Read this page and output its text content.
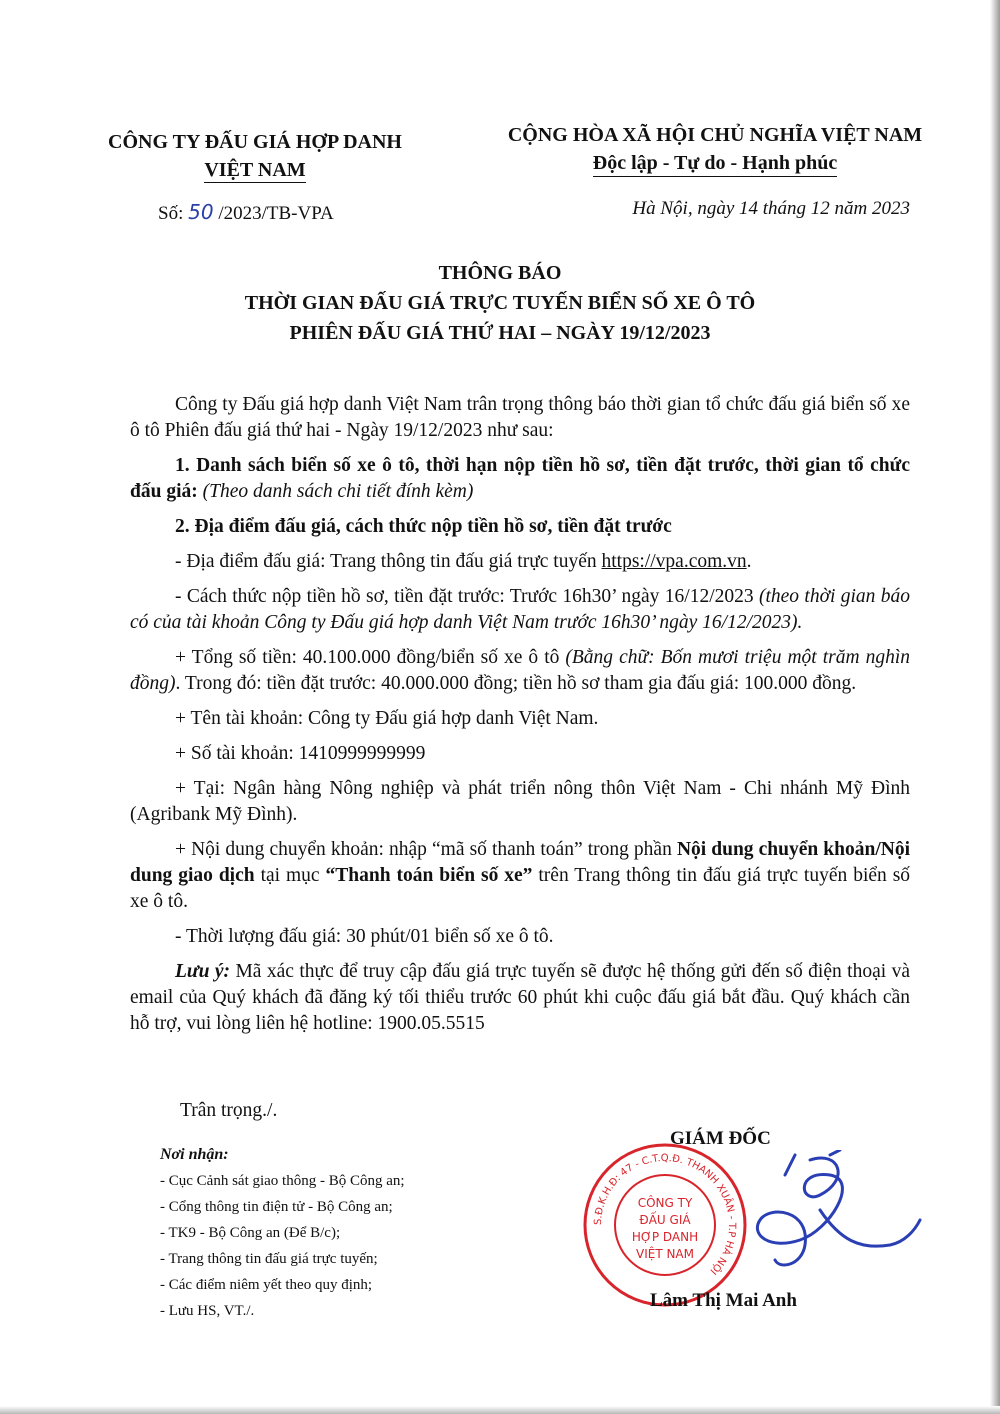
CÔNG TY ĐẤU GIÁ HỢP DANH
VIỆT NAM
CỘNG HÒA XÃ HỘI CHỦ NGHĨA VIỆT NAM
Độc lập - Tự do - Hạnh phúc
Số: 50 /2023/TB-VPA	Hà Nội, ngày 14 tháng 12 năm 2023
THÔNG BÁO
THỜI GIAN ĐẤU GIÁ TRỰC TUYẾN BIỂN SỐ XE Ô TÔ
PHIÊN ĐẤU GIÁ THỨ HAI – NGÀY 19/12/2023

Công ty Đấu giá hợp danh Việt Nam trân trọng thông báo thời gian tổ chức đấu giá biển số xe ô tô Phiên đấu giá thứ hai - Ngày 19/12/2023 như sau:

1. Danh sách biển số xe ô tô, thời hạn nộp tiền hồ sơ, tiền đặt trước, thời gian tổ chức đấu giá: (Theo danh sách chi tiết đính kèm)

2. Địa điểm đấu giá, cách thức nộp tiền hồ sơ, tiền đặt trước

- Địa điểm đấu giá: Trang thông tin đấu giá trực tuyến https://vpa.com.vn.

- Cách thức nộp tiền hồ sơ, tiền đặt trước: Trước 16h30’ ngày 16/12/2023 (theo thời gian báo có của tài khoản Công ty Đấu giá hợp danh Việt Nam trước 16h30’ ngày 16/12/2023).

+ Tổng số tiền: 40.100.000 đồng/biển số xe ô tô (Bằng chữ: Bốn mươi triệu một trăm nghìn đồng). Trong đó: tiền đặt trước: 40.000.000 đồng; tiền hồ sơ tham gia đấu giá: 100.000 đồng.

+ Tên tài khoản: Công ty Đấu giá hợp danh Việt Nam.

+ Số tài khoản: 1410999999999

+ Tại: Ngân hàng Nông nghiệp và phát triển nông thôn Việt Nam - Chi nhánh Mỹ Đình (Agribank Mỹ Đình).

+ Nội dung chuyển khoản: nhập “mã số thanh toán” trong phần Nội dung chuyển khoản/Nội dung giao dịch tại mục “Thanh toán biển số xe” trên Trang thông tin đấu giá trực tuyến biển số xe ô tô.

- Thời lượng đấu giá: 30 phút/01 biển số xe ô tô.

Lưu ý: Mã xác thực để truy cập đấu giá trực tuyến sẽ được hệ thống gửi đến số điện thoại và email của Quý khách đã đăng ký tối thiểu trước 60 phút khi cuộc đấu giá bắt đầu. Quý khách cần hỗ trợ, vui lòng liên hệ hotline: 1900.05.5515

Trân trọng./.
Nơi nhận:
- Cục Cảnh sát giao thông - Bộ Công an;
- Cổng thông tin điện tử - Bộ Công an;
- TK9 - Bộ Công an (Để B/c);
- Trang thông tin đấu giá trực tuyến;
- Các điểm niêm yết theo quy định;
- Lưu HS, VT./.
GIÁM ĐỐC
S.Đ.K.H.Đ: 47 - C.T.Q.Đ. THANH XUÂN - T.P HÀ NỘI
CÔNG TY
ĐẤU GIÁ
HỢP DANH
VIỆT NAM
Lâm Thị Mai Anh
